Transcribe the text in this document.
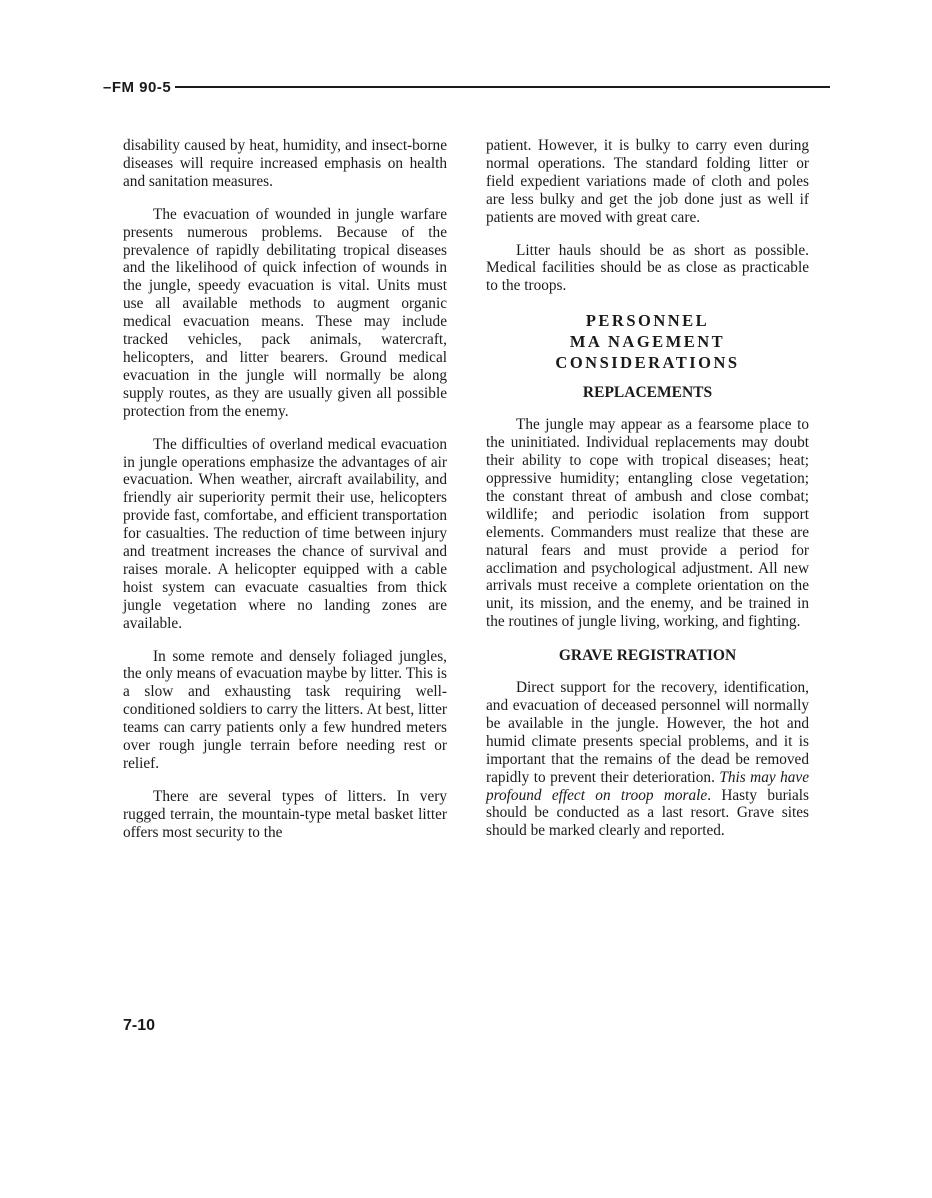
–FM 90-5

disability caused by heat, humidity, and insect-borne diseases will require increased emphasis on health and sanitation measures.

The evacuation of wounded in jungle warfare presents numerous problems. Because of the prevalence of rapidly debilitating tropical diseases and the likelihood of quick infection of wounds in the jungle, speedy evacuation is vital. Units must use all available methods to augment organic medical evacuation means. These may include tracked vehicles, pack animals, watercraft, helicopters, and litter bearers. Ground medical evacuation in the jungle will normally be along supply routes, as they are usually given all possible protection from the enemy.

The difficulties of overland medical evacuation in jungle operations emphasize the advantages of air evacuation. When weather, aircraft availability, and friendly air superiority permit their use, helicopters provide fast, comfortabe, and efficient transportation for casualties. The reduction of time between injury and treatment increases the chance of survival and raises morale. A helicopter equipped with a cable hoist system can evacuate casualties from thick jungle vegetation where no landing zones are available.

In some remote and densely foliaged jungles, the only means of evacuation maybe by litter. This is a slow and exhausting task requiring well-conditioned soldiers to carry the litters. At best, litter teams can carry patients only a few hundred meters over rough jungle terrain before needing rest or relief.

There are several types of litters. In very rugged terrain, the mountain-type metal basket litter offers most security to the

patient. However, it is bulky to carry even during normal operations. The standard folding litter or field expedient variations made of cloth and poles are less bulky and get the job done just as well if patients are moved with great care.

Litter hauls should be as short as possible. Medical facilities should be as close as practicable to the troops.

PERSONNEL
MA NAGEMENT
CONSIDERATIONS
REPLACEMENTS

The jungle may appear as a fearsome place to the uninitiated. Individual replacements may doubt their ability to cope with tropical diseases; heat; oppressive humidity; entangling close vegetation; the constant threat of ambush and close combat; wildlife; and periodic isolation from support elements. Commanders must realize that these are natural fears and must provide a period for acclimation and psychological adjustment. All new arrivals must receive a complete orientation on the unit, its mission, and the enemy, and be trained in the routines of jungle living, working, and fighting.

GRAVE REGISTRATION

Direct support for the recovery, identification, and evacuation of deceased personnel will normally be available in the jungle. However, the hot and humid climate presents special problems, and it is important that the remains of the dead be removed rapidly to prevent their deterioration. This may have profound effect on troop morale. Hasty burials should be conducted as a last resort. Grave sites should be marked clearly and reported.

7-10
